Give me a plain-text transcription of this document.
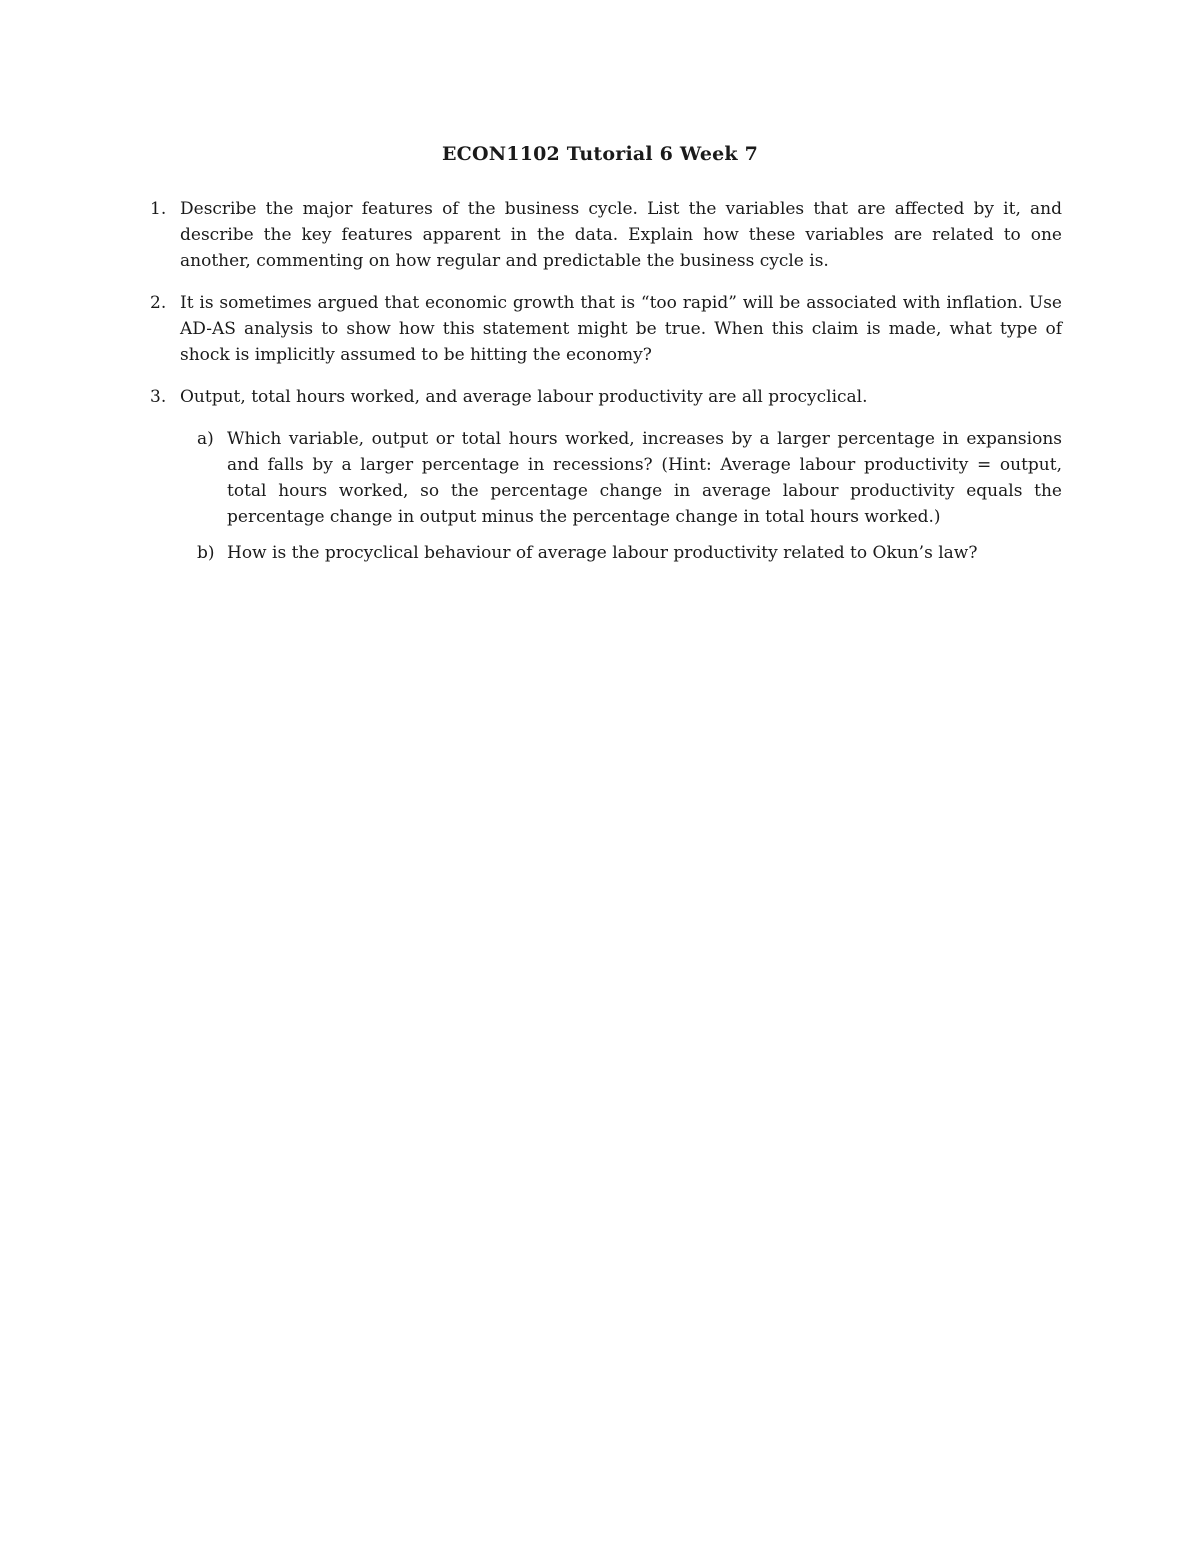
ECON1102 Tutorial 6 Week 7
1. Describe the major features of the business cycle. List the variables that are affected by it, and describe the key features apparent in the data. Explain how these variables are related to one another, commenting on how regular and predictable the business cycle is.
2. It is sometimes argued that economic growth that is “too rapid” will be associated with inflation. Use AD-AS analysis to show how this statement might be true. When this claim is made, what type of shock is implicitly assumed to be hitting the economy?
3. Output, total hours worked, and average labour productivity are all procyclical.
a) Which variable, output or total hours worked, increases by a larger percentage in expansions and falls by a larger percentage in recessions? (Hint: Average labour productivity = output, total hours worked, so the percentage change in average labour productivity equals the percentage change in output minus the percentage change in total hours worked.)
b) How is the procyclical behaviour of average labour productivity related to Okun’s law?
